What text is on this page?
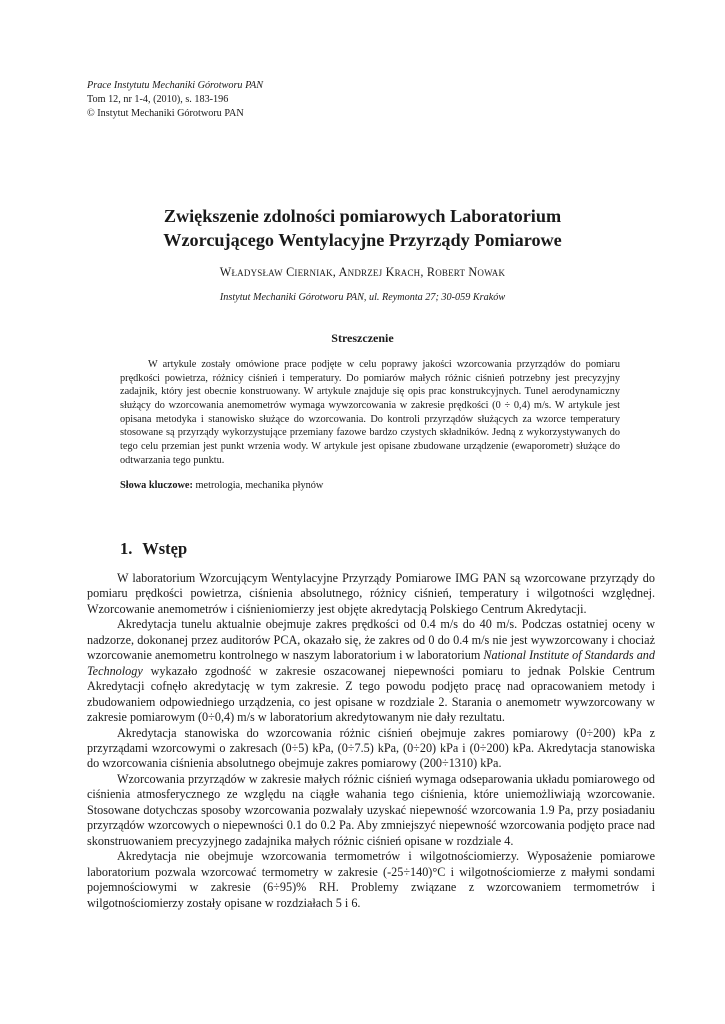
Prace Instytutu Mechaniki Górotworu PAN
Tom 12, nr 1-4, (2010), s. 183-196
© Instytut Mechaniki Górotworu PAN
Zwiększenie zdolności pomiarowych Laboratorium
Wzorcującego Wentylacyjne Przyrządy Pomiarowe
Władysław Cierniak, Andrzej Krach, Robert Nowak
Instytut Mechaniki Górotworu PAN, ul. Reymonta 27; 30-059 Kraków
Streszczenie

W artykule zostały omówione prace podjęte w celu poprawy jakości wzorcowania przyrządów do pomiaru prędkości powietrza, różnicy ciśnień i temperatury. Do pomiarów małych różnic ciśnień potrzebny jest precyzyjny zadajnik, który jest obecnie konstruowany. W artykule znajduje się opis prac konstrukcyjnych. Tunel aerodynamiczny służący do wzorcowania anemometrów wymaga wywzorcowania w zakresie prędkości (0 ÷ 0,4) m/s. W artykule jest opisana metodyka i stanowisko służące do wzorcowania. Do kontroli przyrządów służących za wzorce temperatury stosowane są przyrządy wykorzystujące przemiany fazowe bardzo czystych składników. Jedną z wykorzystywanych do tego celu przemian jest punkt wrzenia wody. W artykule jest opisane zbudowane urządzenie (ewaporometr) służące do odtwarzania tego punktu.

Słowa kluczowe: metrologia, mechanika płynów
1. Wstęp

W laboratorium Wzorcującym Wentylacyjne Przyrządy Pomiarowe IMG PAN są wzorcowane przyrządy do pomiaru prędkości powietrza, ciśnienia absolutnego, różnicy ciśnień, temperatury i wilgotności względnej. Wzorcowanie anemometrów i ciśnieniomierzy jest objęte akredytacją Polskiego Centrum Akredytacji.

Akredytacja tunelu aktualnie obejmuje zakres prędkości od 0.4 m/s do 40 m/s. Podczas ostatniej oceny w nadzorze, dokonanej przez auditorów PCA, okazało się, że zakres od 0 do 0.4 m/s nie jest wywzorcowany i chociaż wzorcowanie anemometru kontrolnego w naszym laboratorium i w laboratorium National Institute of Standards and Technology wykazało zgodność w zakresie oszacowanej niepewności pomiaru to jednak Polskie Centrum Akredytacji cofnęło akredytację w tym zakresie. Z tego powodu podjęto pracę nad opracowaniem metody i zbudowaniem odpowiedniego urządzenia, co jest opisane w rozdziale 2. Starania o anemometr wywzorcowany w zakresie pomiarowym (0÷0,4) m/s w laboratorium akredytowanym nie dały rezultatu.

Akredytacja stanowiska do wzorcowania różnic ciśnień obejmuje zakres pomiarowy (0÷200) kPa z przyrządami wzorcowymi o zakresach (0÷5) kPa, (0÷7.5) kPa, (0÷20) kPa i (0÷200) kPa. Akredytacja stanowiska do wzorcowania ciśnienia absolutnego obejmuje zakres pomiarowy (200÷1310) kPa.

Wzorcowania przyrządów w zakresie małych różnic ciśnień wymaga odseparowania układu pomiarowego od ciśnienia atmosferycznego ze względu na ciągłe wahania tego ciśnienia, które uniemożliwiają wzorcowanie. Stosowane dotychczas sposoby wzorcowania pozwalały uzyskać niepewność wzorcowania 1.9 Pa, przy posiadaniu przyrządów wzorcowych o niepewności 0.1 do 0.2 Pa. Aby zmniejszyć niepewność wzorcowania podjęto prace nad skonstruowaniem precyzyjnego zadajnika małych różnic ciśnień opisane w rozdziale 4.

Akredytacja nie obejmuje wzorcowania termometrów i wilgotnościomierzy. Wyposażenie pomiarowe laboratorium pozwala wzorcować termometry w zakresie (-25÷140)°C i wilgotnościomierze z małymi sondami pojemnościowymi w zakresie (6÷95)% RH. Problemy związane z wzorcowaniem termometrów i wilgotnościomierzy zostały opisane w rozdziałach 5 i 6.
